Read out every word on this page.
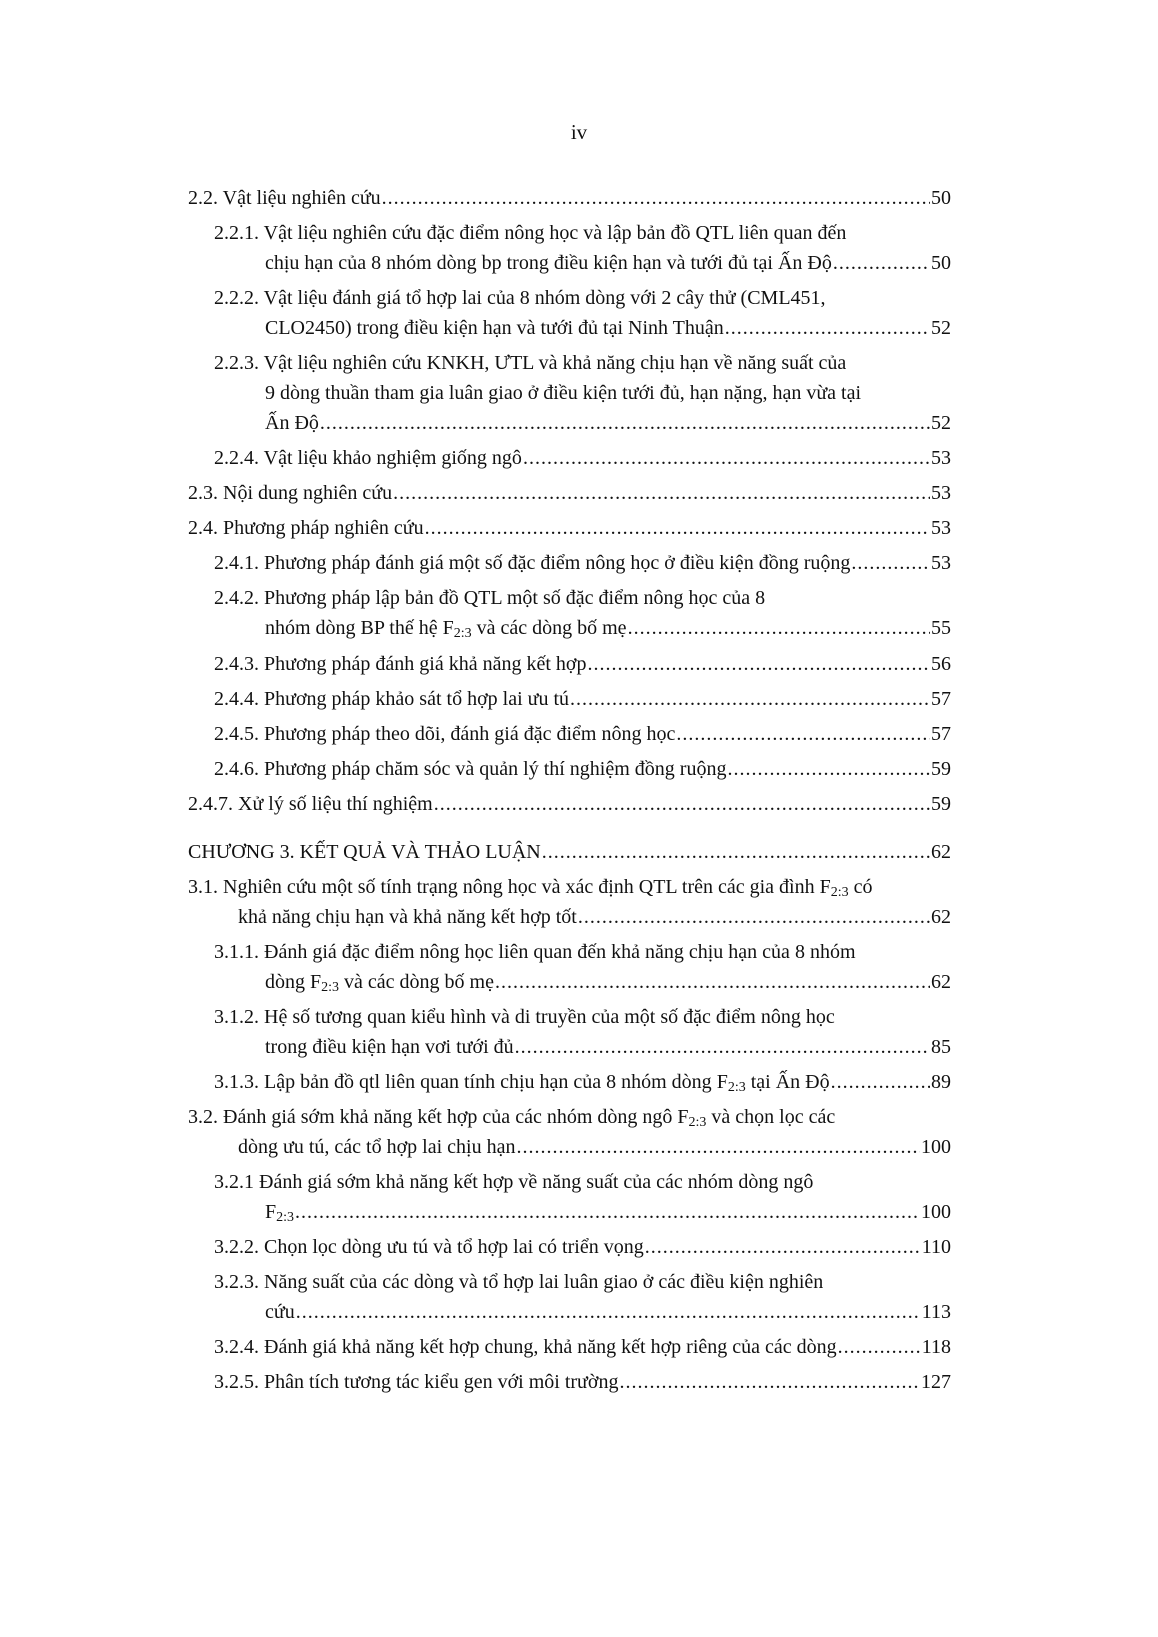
iv
2.2. Vật liệu nghiên cứu .....	50
2.2.1. Vật liệu nghiên cứu đặc điểm nông học và lập bản đồ QTL liên quan đến
chịu hạn của 8 nhóm dòng bp trong điều kiện hạn và tưới đủ tại Ấn Độ .....	50
2.2.2. Vật liệu đánh giá tổ hợp lai của 8 nhóm dòng với 2 cây thử (CML451,
CLO2450) trong điều kiện hạn và tưới đủ tại Ninh Thuận .....	52
2.2.3. Vật liệu nghiên cứu KNKH, ƯTL và khả năng chịu hạn về năng suất của
9 dòng thuần tham gia luân giao ở điều kiện tưới đủ, hạn nặng, hạn vừa tại
Ấn Độ .....	52
2.2.4. Vật liệu khảo nghiệm giống ngô .....	53
2.3. Nội dung nghiên cứu .....	53
2.4. Phương pháp nghiên cứu .....	53
2.4.1. Phương pháp đánh giá một số đặc điểm nông học ở điều kiện đồng ruộng .....	53
2.4.2. Phương pháp lập bản đồ QTL một số đặc điểm nông học của 8
nhóm dòng BP thế hệ $F_{2:3}$ và các dòng bố mẹ .....	55
2.4.3. Phương pháp đánh giá khả năng kết hợp .....	56
2.4.4. Phương pháp khảo sát tổ hợp lai ưu tú .....	57
2.4.5. Phương pháp theo dõi, đánh giá đặc điểm nông học .....	57
2.4.6. Phương pháp chăm sóc và quản lý thí nghiệm đồng ruộng .....	59
2.4.7. Xử lý số liệu thí nghiệm .....	59
CHƯƠNG 3. KẾT QUẢ VÀ THẢO LUẬN .....	62
3.1. Nghiên cứu một số tính trạng nông học và xác định QTL trên các gia đình $F_{2:3}$ có
khả năng chịu hạn và khả năng kết hợp tốt .....	62
3.1.1. Đánh giá đặc điểm nông học liên quan đến khả năng chịu hạn của 8 nhóm
dòng $F_{2:3}$ và các dòng bố mẹ .....	62
3.1.2. Hệ số tương quan kiểu hình và di truyền của một số đặc điểm nông học
trong điều kiện hạn vơi tưới đủ .....	85
3.1.3. Lập bản đồ qtl liên quan tính chịu hạn của 8 nhóm dòng $F_{2:3}$ tại Ấn Độ .....	89
3.2. Đánh giá sớm khả năng kết hợp của các nhóm dòng ngô $F_{2:3}$ và chọn lọc các
dòng ưu tú, các tổ hợp lai chịu hạn .....	100
3.2.1 Đánh giá sớm khả năng kết hợp về năng suất của các nhóm dòng ngô
$F_{2:3}$ .....	100
3.2.2. Chọn lọc dòng ưu tú và tổ hợp lai có triển vọng .....	110
3.2.3. Năng suất của các dòng và tổ hợp lai luân giao ở các điều kiện nghiên
cứu .....	113
3.2.4. Đánh giá khả năng kết hợp chung, khả năng kết hợp riêng của các dòng .....	118
3.2.5. Phân tích tương tác kiểu gen với môi trường .....	127
